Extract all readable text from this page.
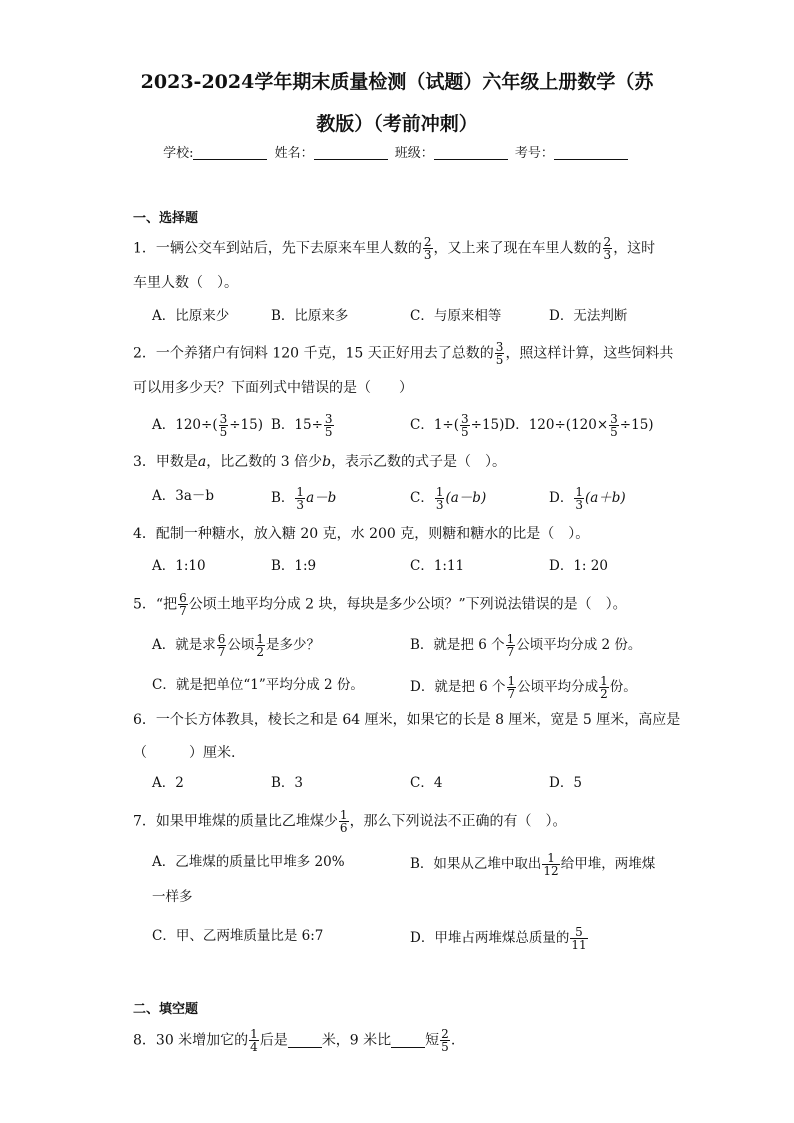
2023-2024学年期末质量检测（试题）六年级上册数学（苏
教版）（考前冲刺）
学校:	姓名：	班级：	考号：
一、选择题
1．一辆公交车到站后，先下去原来车里人数的 $\frac{2}{3}$ ，又上来了现在车里人数的 $\frac{2}{3}$ ，这时
车里人数（　）。
A．比原来少	B．比原来多	C．与原来相等	D．无法判断
2．一个养猪户有饲料 120 千克，15 天正好用去了总数的 $\frac{3}{5}$ ，照这样计算，这些饲料共
可以用多少天？下面列式中错误的是（　　）
A．$120\div( \frac{3}{5} \div 15)$ B．$15\div \frac{3}{5}$	C．$1\div( \frac{3}{5} \div 15)D$．$120\div(120\times \frac{3}{5} \div 15)$
3．甲数是a，比乙数的 3 倍少b，表示乙数的式子是（　）。
A．3a－b	B． $\frac{1}{3} a-b$	C． $\frac{1}{3} (a-b)$	D． $\frac{1}{3} (a+b)$
4．配制一种糖水，放入糖 20 克，水 200 克，则糖和糖水的比是（　）。
A．1:10	B．1:9	C．1:11	D．1: 20
5．“把 $\frac{6}{7}$ 公顷土地平均分成 2 块，每块是多少公顷？”下列说法错误的是（　）。
A．就是求 $\frac{6}{7}$ 公顷 $\frac{1}{2}$ 是多少？	B．就是把 6 个 $\frac{1}{7}$ 公顷平均分成 2 份。
C．就是把单位“1”平均分成 2 份。	D．就是把 6 个 $\frac{1}{7}$ 公顷平均分成 $\frac{1}{2}$ 份。
6．一个长方体教具，棱长之和是 64 厘米，如果它的长是 8 厘米，宽是 5 厘米，高应是
（　　　）厘米.
A．2	B．3	C．4	D．5
7．如果甲堆煤的质量比乙堆煤少 $\frac{1}{6}$ ，那么下列说法不正确的有（　）。
A．乙堆煤的质量比甲堆多 20%	B．如果从乙堆中取出 $\frac{1}{12}$ 给甲堆，两堆煤
一样多
C．甲、乙两堆质量比是 6:7	D．甲堆占两堆煤总质量的 $\frac{5}{11}$
二、填空题
8．30 米增加它的 $\frac{1}{4}$ 后是 米，9 米比 短 $\frac{2}{5}$ .
